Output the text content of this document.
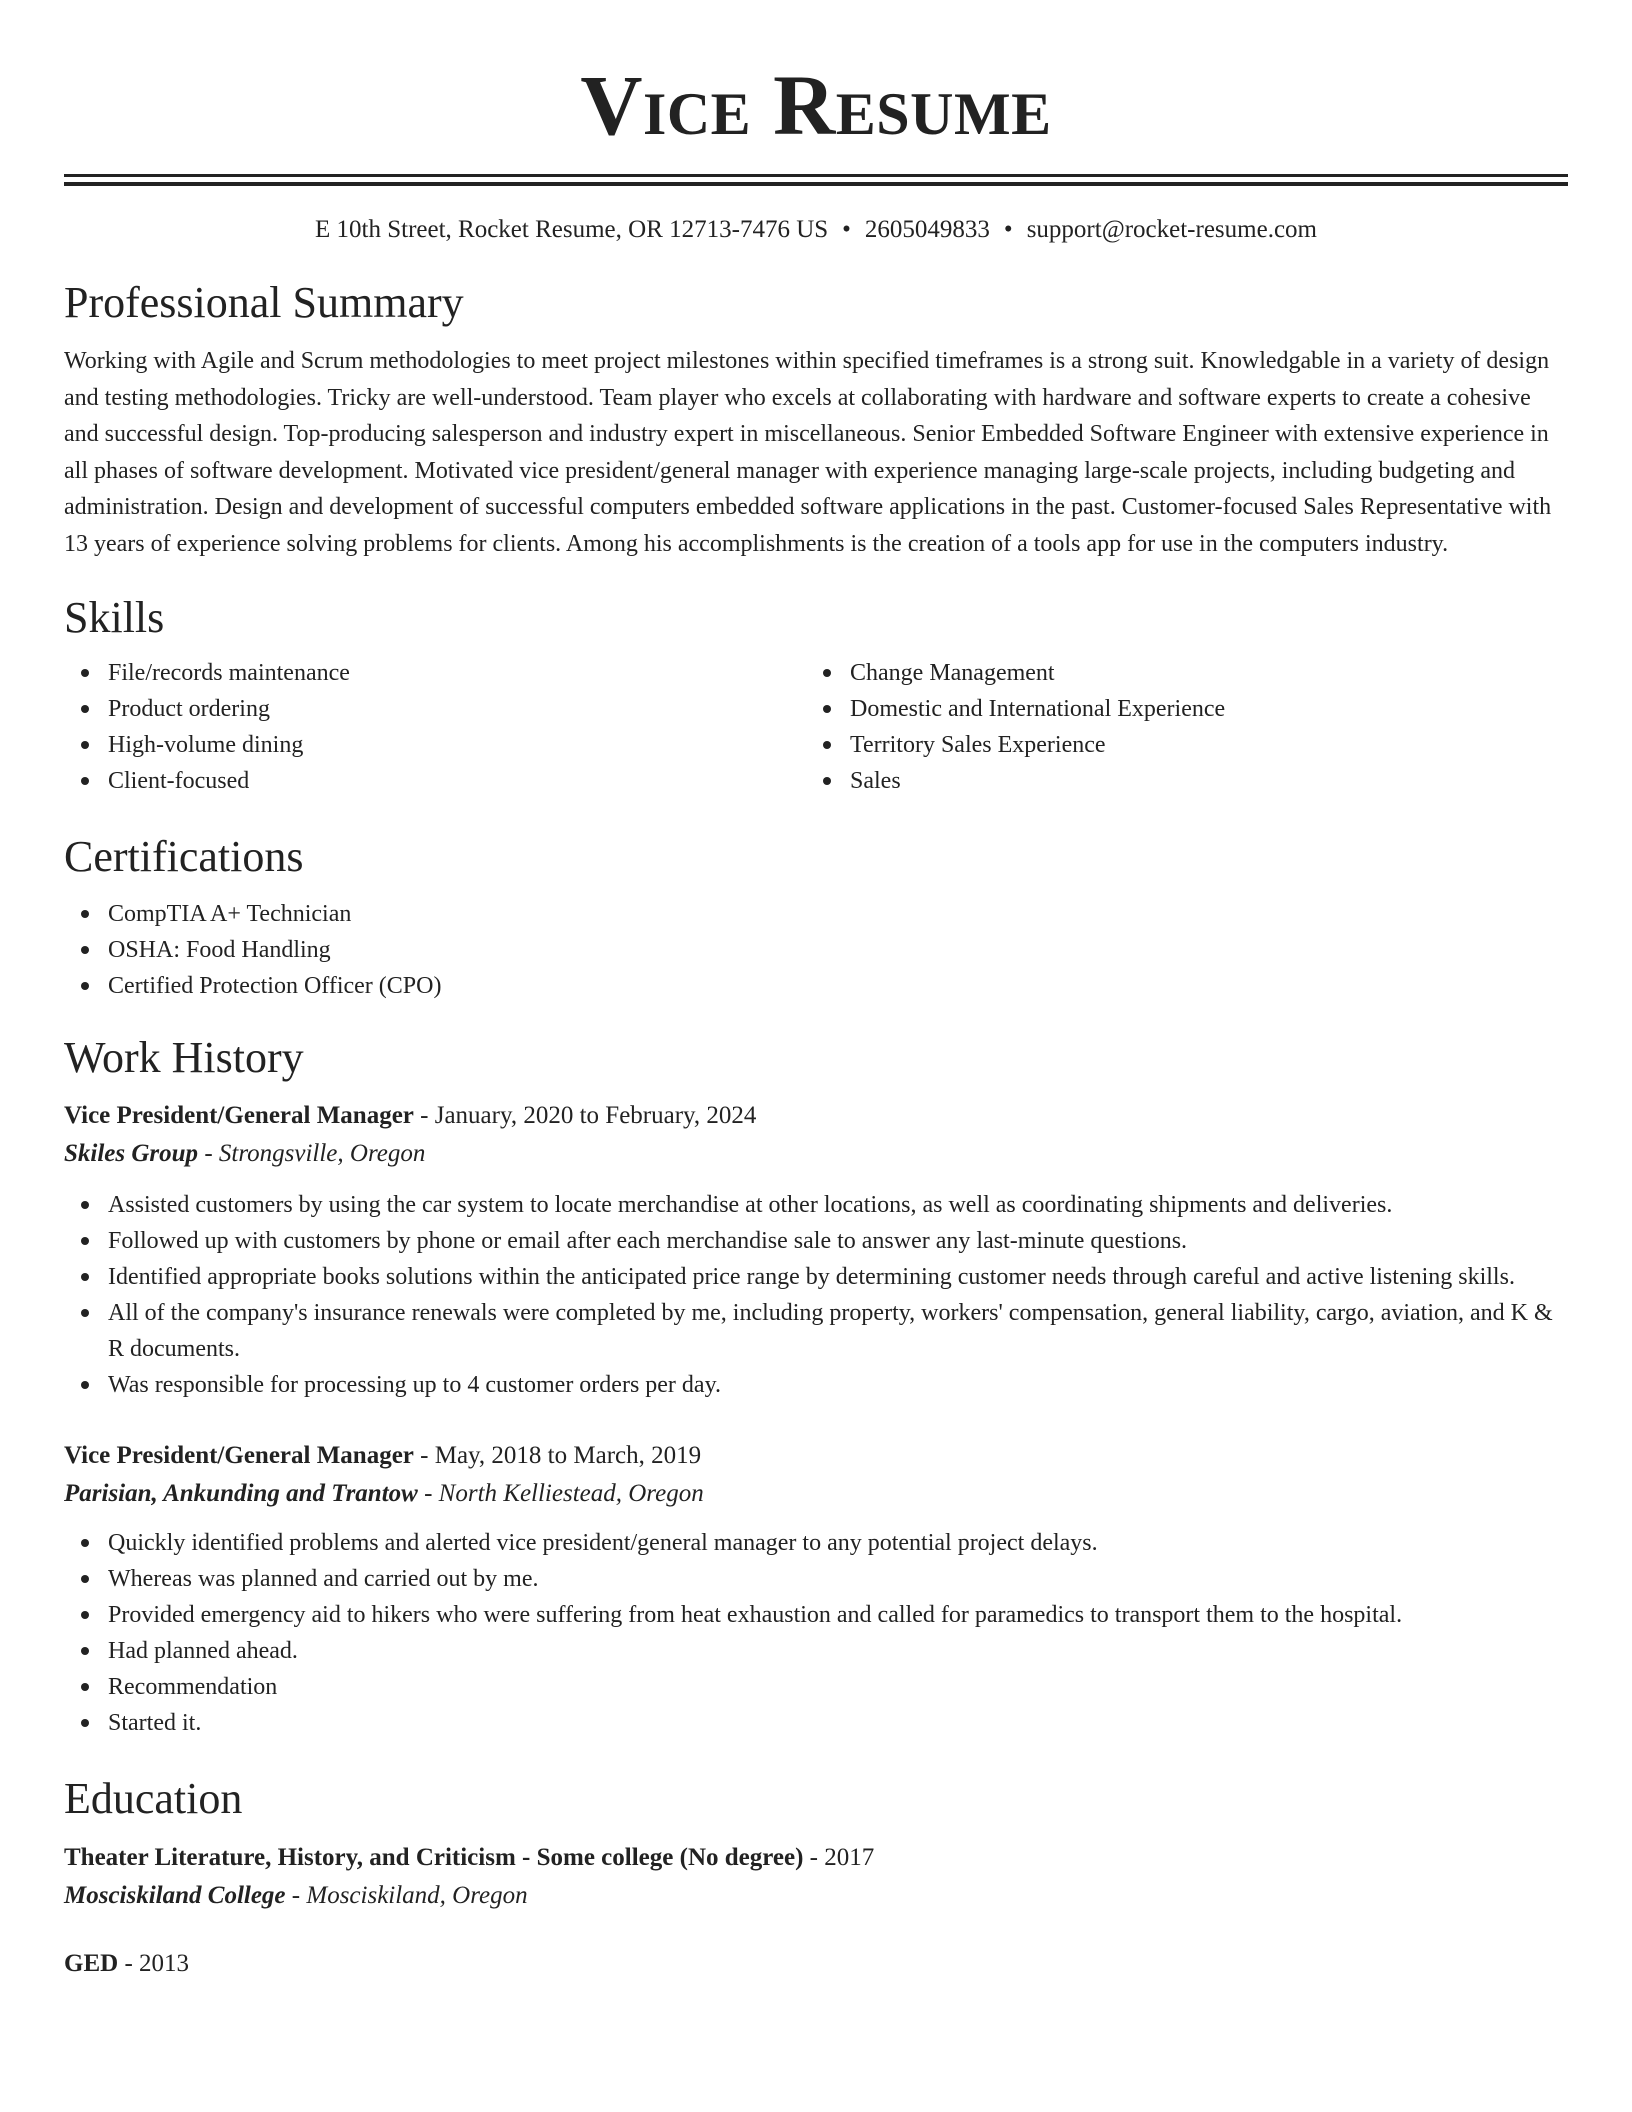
Vice Resume
E 10th Street, Rocket Resume, OR 12713-7476 US • 2605049833 • support@rocket-resume.com
Professional Summary

Working with Agile and Scrum methodologies to meet project milestones within specified timeframes is a strong suit. Knowledgable in a variety of design and testing methodologies. Tricky are well-understood. Team player who excels at collaborating with hardware and software experts to create a cohesive and successful design. Top-producing salesperson and industry expert in miscellaneous. Senior Embedded Software Engineer with extensive experience in all phases of software development. Motivated vice president/general manager with experience managing large-scale projects, including budgeting and administration. Design and development of successful computers embedded software applications in the past. Customer-focused Sales Representative with 13 years of experience solving problems for clients. Among his accomplishments is the creation of a tools app for use in the computers industry.

Skills
File/records maintenance
Product ordering
High-volume dining
Client-focused
Change Management
Domestic and International Experience
Territory Sales Experience
Sales
Certifications
CompTIA A+ Technician
OSHA: Food Handling
Certified Protection Officer (CPO)
Work History
Vice President/General Manager - January, 2020 to February, 2024
Skiles Group - Strongsville, Oregon
Assisted customers by using the car system to locate merchandise at other locations, as well as coordinating shipments and deliveries.
Followed up with customers by phone or email after each merchandise sale to answer any last-minute questions.
Identified appropriate books solutions within the anticipated price range by determining customer needs through careful and active listening skills.
All of the company's insurance renewals were completed by me, including property, workers' compensation, general liability, cargo, aviation, and K & R documents.
Was responsible for processing up to 4 customer orders per day.
Vice President/General Manager - May, 2018 to March, 2019
Parisian, Ankunding and Trantow - North Kelliestead, Oregon
Quickly identified problems and alerted vice president/general manager to any potential project delays.
Whereas was planned and carried out by me.
Provided emergency aid to hikers who were suffering from heat exhaustion and called for paramedics to transport them to the hospital.
Had planned ahead.
Recommendation
Started it.
Education
Theater Literature, History, and Criticism - Some college (No degree) - 2017
Mosciskiland College - Mosciskiland, Oregon
GED - 2013
